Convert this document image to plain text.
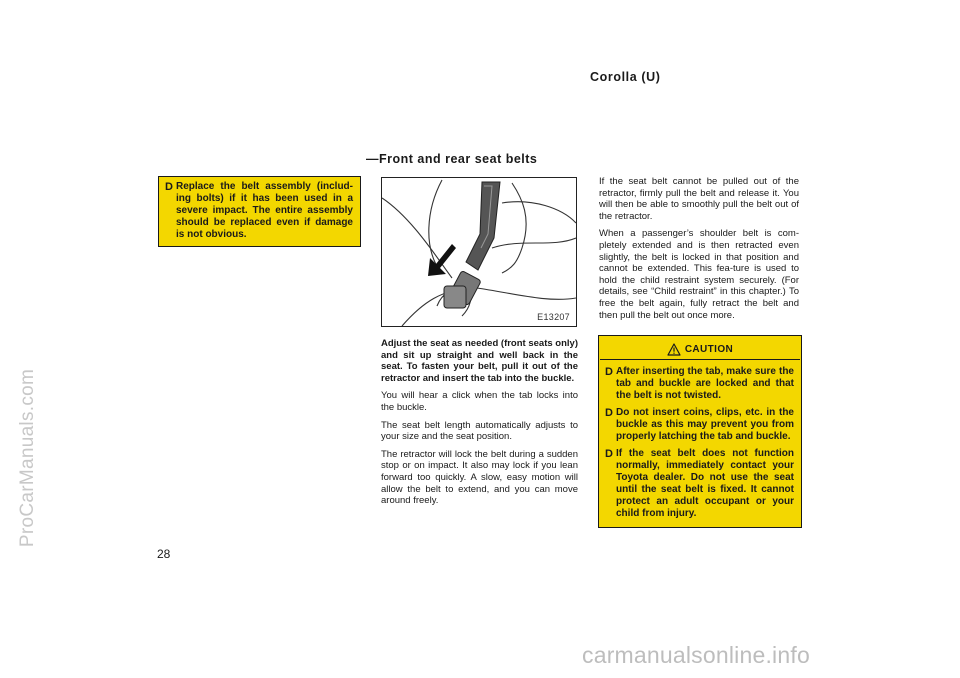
ProCarManuals.com
Corolla (U)
—Front and rear seat belts
D Replace the belt assembly (includ-ing bolts) if it has been used in a severe impact. The entire assembly should be replaced even if damage is not obvious.
E13207

Adjust the seat as needed (front seats only) and sit up straight and well back in the seat. To fasten your belt, pull it out of the retractor and insert the tab into the buckle.

You will hear a click when the tab locks into the buckle.

The seat belt length automatically adjusts to your size and the seat position.

The retractor will lock the belt during a sudden stop or on impact. It also may lock if you lean forward too quickly. A slow, easy motion will allow the belt to extend, and you can move around freely.

If the seat belt cannot be pulled out of the retractor, firmly pull the belt and release it. You will then be able to smoothly pull the belt out of the retractor.

When a passenger’s shoulder belt is com-pletely extended and is then retracted even slightly, the belt is locked in that position and cannot be extended. This fea-ture is used to hold the child restraint system securely. (For details, see “Child restraint” in this chapter.) To free the belt again, fully retract the belt and then pull the belt out once more.

CAUTION
D After inserting the tab, make sure the tab and buckle are locked and that the belt is not twisted.
D Do not insert coins, clips, etc. in the buckle as this may prevent you from properly latching the tab and buckle.
D If the seat belt does not function normally, immediately contact your Toyota dealer. Do not use the seat until the seat belt is fixed. It cannot protect an adult occupant or your child from injury.
28
carmanualsonline.info
